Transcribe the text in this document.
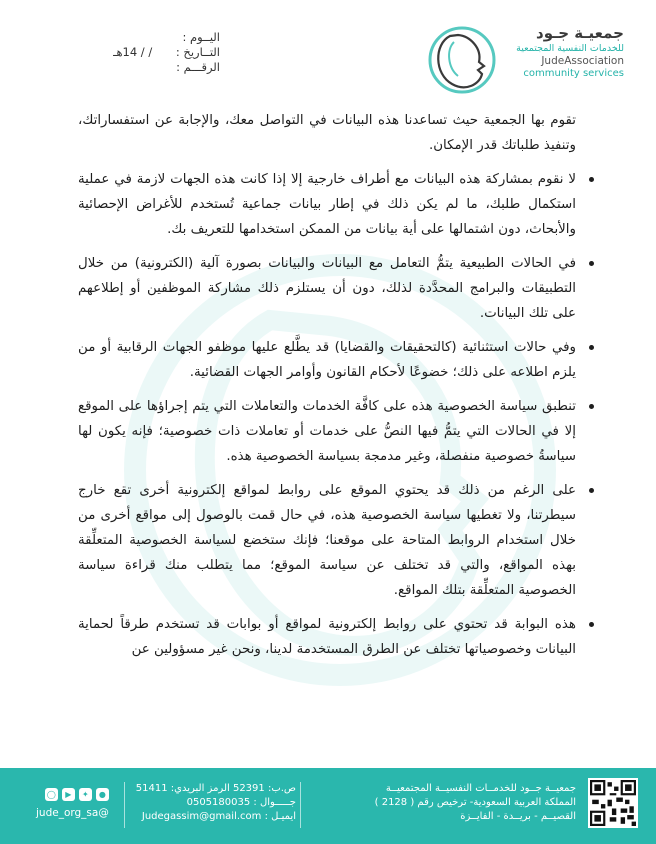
جمعيـة جـود
للخدمات النفسية المجتمعية
JudeAssociation
community services
اليــوم :
التــاريخ : / / 14هـ
الرقـــم :

تقوم بها الجمعية حيث تساعدنا هذه البيانات في التواصل معك، والإجابة عن استفساراتك، وتنفيذ طلباتك قدر الإمكان.

لا نقوم بمشاركة هذه البيانات مع أطراف خارجية إلا إذا كانت هذه الجهات لازمة في عملية استكمال طلبك، ما لم يكن ذلك في إطار بيانات جماعية تُستخدم للأغراض الإحصائية والأبحاث، دون اشتمالها على أية بيانات من الممكن استخدامها للتعريف بك.

في الحالات الطبيعية يتمُّ التعامل مع البيانات والبيانات بصورة آلية (الكترونية) من خلال التطبيقات والبرامج المحدَّدة لذلك، دون أن يستلزم ذلك مشاركة الموظفين أو إطلاعهم على تلك البيانات.

وفي حالات استثنائية (كالتحقيقات والقضايا) قد يطَّلع عليها موظفو الجهات الرقابية أو من يلزم اطلاعه على ذلك؛ خضوعًا لأحكام القانون وأوامر الجهات القضائية.

تنطبق سياسة الخصوصية هذه على كافَّة الخدمات والتعاملات التي يتم إجراؤها على الموقع إلا في الحالات التي يتمُّ فيها النصُّ على خدمات أو تعاملات ذات خصوصية؛ فإنه يكون لها سياسةُ خصوصية منفصلة، وغير مدمجة بسياسة الخصوصية هذه.

على الرغم من ذلك قد يحتوي الموقع على روابط لمواقع إلكترونية أخرى تقع خارج سيطرتنا، ولا تغطيها سياسة الخصوصية هذه، في حال قمت بالوصول إلى مواقع أخرى من خلال استخدام الروابط المتاحة على موقعنا؛ فإنك ستخضع لسياسة الخصوصية المتعلِّقة بهذه المواقع، والتي قد تختلف عن سياسة الموقع؛ مما يتطلب منك قراءة سياسة الخصوصية المتعلِّقة بتلك المواقع.

هذه البوابة قد تحتوي على روابط إلكترونية لمواقع أو بوابات قد تستخدم طرقاً لحماية البيانات وخصوصياتها تختلف عن الطرق المستخدمة لدينا، ونحن غير مسؤولين عن

جمعيــة جــود للخدمــات النفسيــة المجتمعيــة
المملكة العربية السعودية- ترخيص رقم ( 2128 )
القصيــم - بريــدة - الفايــزة
ص.ب: 52391 الرمز البريدي: 51411
جـــــوال : 0505180035
ايميـل : Judegassim@gmail.com
●
✦
▶
◯
@jude_org_sa
